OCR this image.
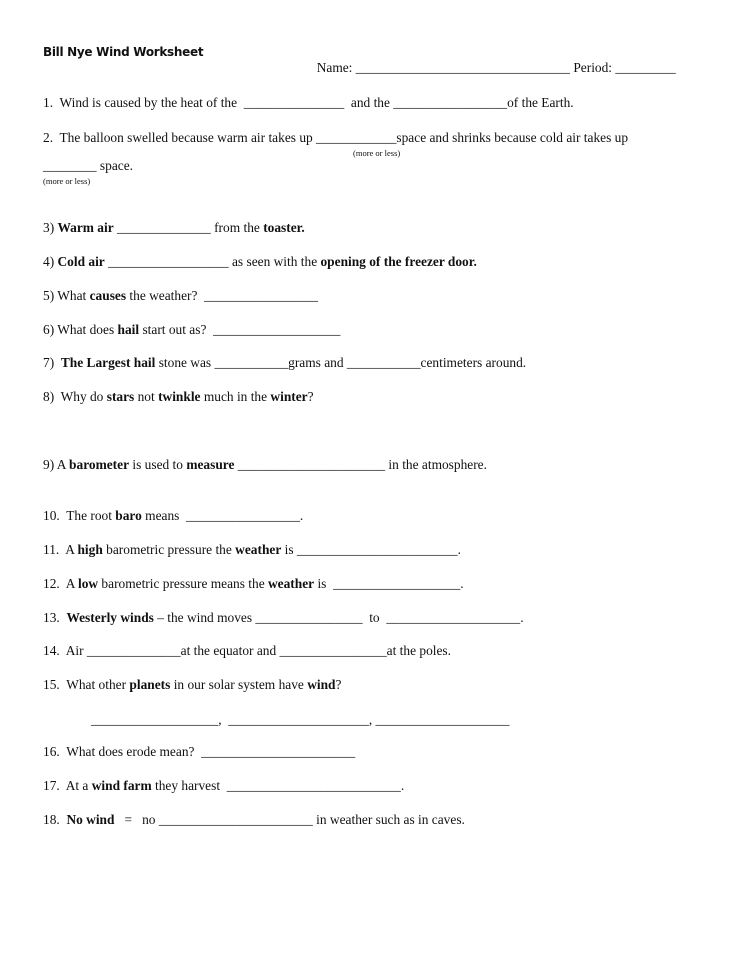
Bill Nye Wind Worksheet

Name: ________________________________ Period: _________

1.  Wind is caused by the heat of the  _______________  and the _________________of the Earth.
2.  The balloon swelled because warm air takes up ____________space and shrinks because cold air takes up
(more or less)
________ space.
(more or less)
3) Warm air ______________ from the toaster.
4) Cold air __________________ as seen with the opening of the freezer door.
5) What causes the weather?  _________________
6) What does hail start out as?  ___________________
7)  The Largest hail stone was ___________grams and ___________centimeters around.
8)  Why do stars not twinkle much in the winter?
9) A barometer is used to measure ______________________ in the atmosphere.
10.  The root baro means  _________________.
11.  A high barometric pressure the weather is ________________________.
12.  A low barometric pressure means the weather is  ___________________.
13.  Westerly winds – the wind moves ________________  to  ____________________.
14.  Air ______________at the equator and ________________at the poles.
15.  What other planets in our solar system have wind?
___________________,  _____________________, ____________________
16.  What does erode mean?  _______________________
17.  At a wind farm they harvest  __________________________.
18.  No wind   =   no _______________________ in weather such as in caves.
